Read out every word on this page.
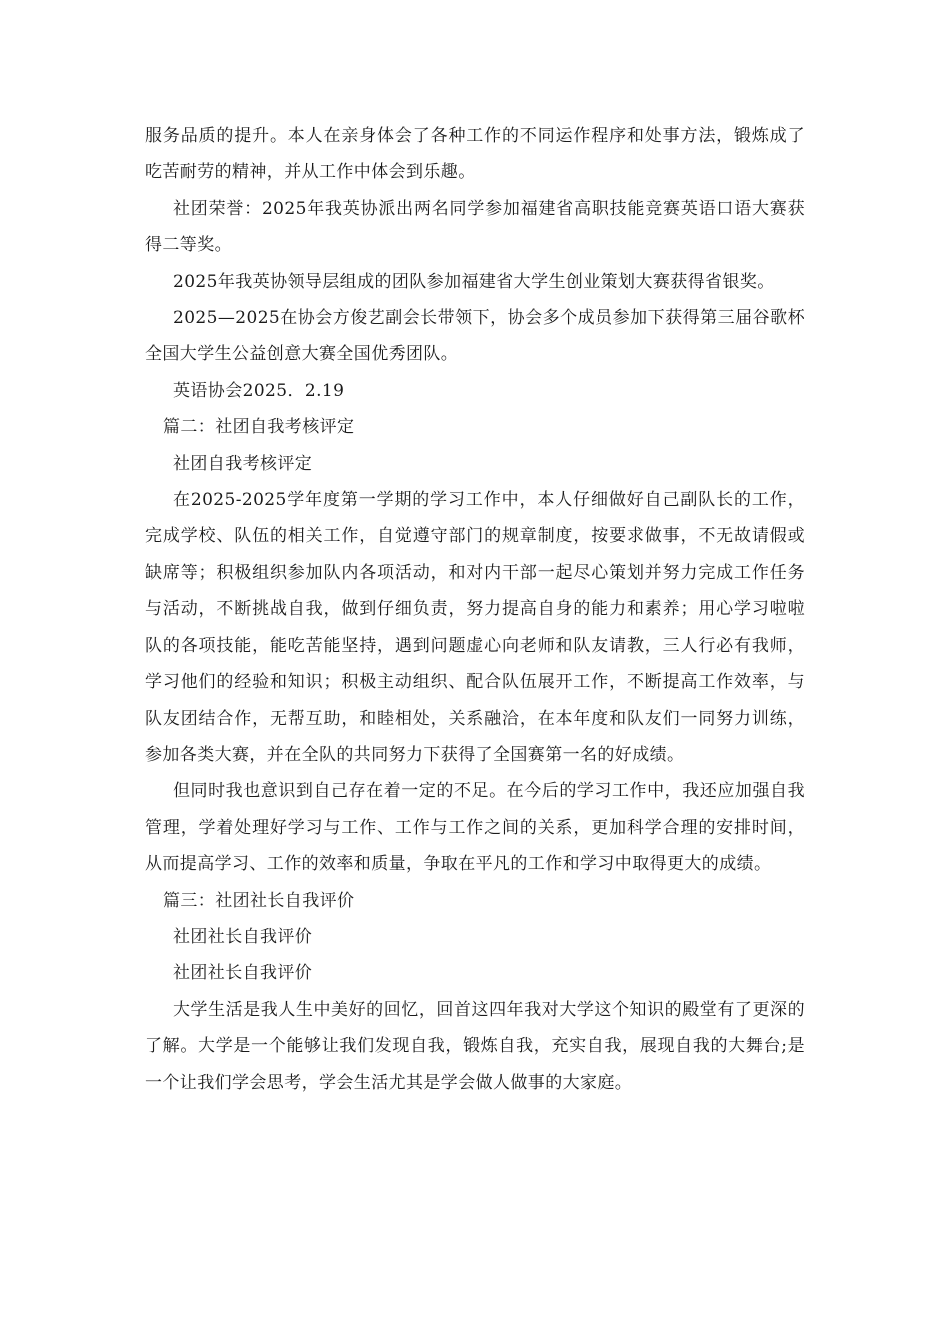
服务品质的提升。本人在亲身体会了各种工作的不同运作程序和处事方法，锻炼成了吃苦耐劳的精神，并从工作中体会到乐趣。

社团荣誉：2025年我英协派出两名同学参加福建省高职技能竞赛英语口语大赛获得二等奖。

2025年我英协领导层组成的团队参加福建省大学生创业策划大赛获得省银奖。

2025—2025在协会方俊艺副会长带领下，协会多个成员参加下获得第三届谷歌杯全国大学生公益创意大赛全国优秀团队。

英语协会2025．2.19

篇二：社团自我考核评定

社团自我考核评定

在2025-2025学年度第一学期的学习工作中，本人仔细做好自己副队长的工作，完成学校、队伍的相关工作，自觉遵守部门的规章制度，按要求做事，不无故请假或缺席等；积极组织参加队内各项活动，和对内干部一起尽心策划并努力完成工作任务与活动，不断挑战自我，做到仔细负责，努力提高自身的能力和素养；用心学习啦啦队的各项技能，能吃苦能坚持，遇到问题虚心向老师和队友请教，三人行必有我师，学习他们的经验和知识；积极主动组织、配合队伍展开工作，不断提高工作效率，与队友团结合作，无帮互助，和睦相处，关系融洽，在本年度和队友们一同努力训练，参加各类大赛，并在全队的共同努力下获得了全国赛第一名的好成绩。

但同时我也意识到自己存在着一定的不足。在今后的学习工作中，我还应加强自我管理，学着处理好学习与工作、工作与工作之间的关系，更加科学合理的安排时间，从而提高学习、工作的效率和质量，争取在平凡的工作和学习中取得更大的成绩。

篇三：社团社长自我评价

社团社长自我评价

社团社长自我评价

大学生活是我人生中美好的回忆，回首这四年我对大学这个知识的殿堂有了更深的了解。大学是一个能够让我们发现自我，锻炼自我，充实自我，展现自我的大舞台;是一个让我们学会思考，学会生活尤其是学会做人做事的大家庭。
